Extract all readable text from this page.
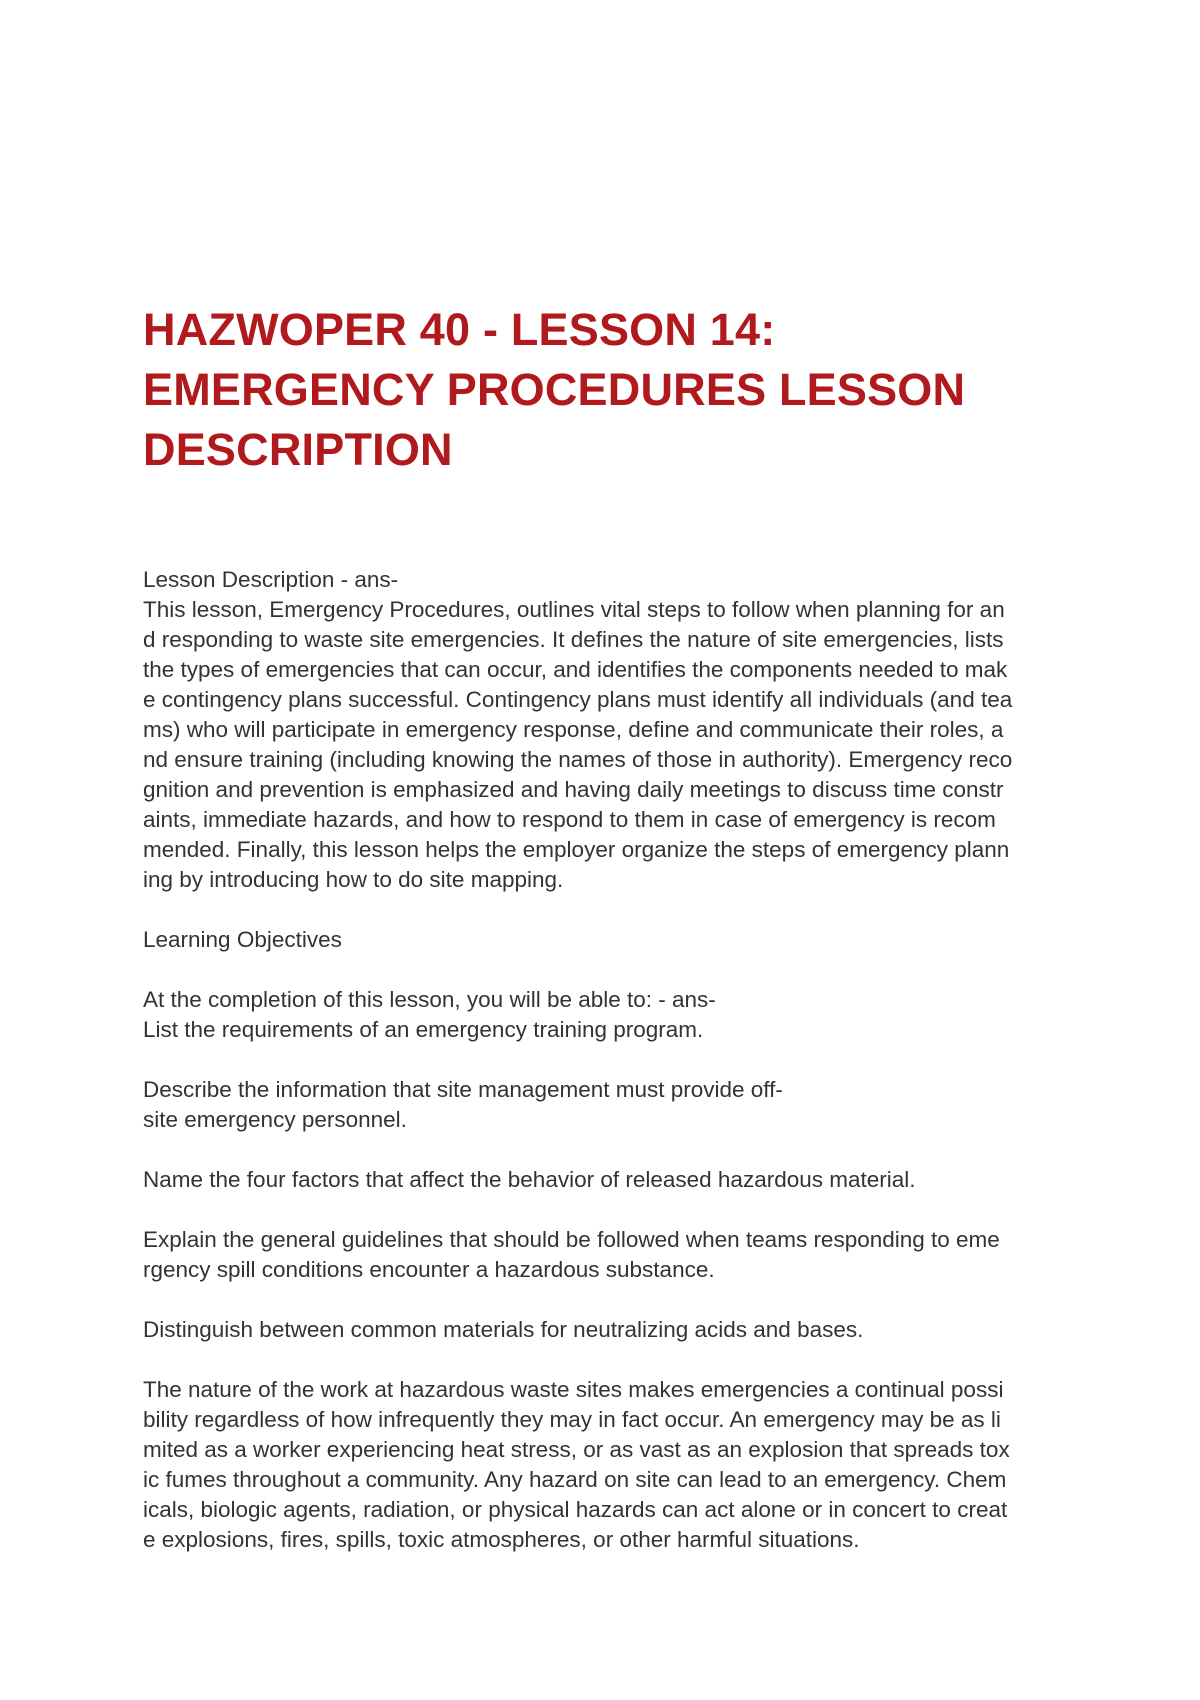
HAZWOPER 40 - LESSON 14:
EMERGENCY PROCEDURES LESSON
DESCRIPTION
Lesson Description - ans-
This lesson, Emergency Procedures, outlines vital steps to follow when planning for an
d responding to waste site emergencies. It defines the nature of site emergencies, lists
the types of emergencies that can occur, and identifies the components needed to mak
e contingency plans successful. Contingency plans must identify all individuals (and tea
ms) who will participate in emergency response, define and communicate their roles, a
nd ensure training (including knowing the names of those in authority). Emergency reco
gnition and prevention is emphasized and having daily meetings to discuss time constr
aints, immediate hazards, and how to respond to them in case of emergency is recom
mended. Finally, this lesson helps the employer organize the steps of emergency plann
ing by introducing how to do site mapping.
Learning Objectives
At the completion of this lesson, you will be able to: - ans-
List the requirements of an emergency training program.
Describe the information that site management must provide off-
site emergency personnel.
Name the four factors that affect the behavior of released hazardous material.
Explain the general guidelines that should be followed when teams responding to eme
rgency spill conditions encounter a hazardous substance.
Distinguish between common materials for neutralizing acids and bases.
The nature of the work at hazardous waste sites makes emergencies a continual possi
bility regardless of how infrequently they may in fact occur. An emergency may be as li
mited as a worker experiencing heat stress, or as vast as an explosion that spreads tox
ic fumes throughout a community. Any hazard on site can lead to an emergency. Chem
icals, biologic agents, radiation, or physical hazards can act alone or in concert to creat
e explosions, fires, spills, toxic atmospheres, or other harmful situations.
